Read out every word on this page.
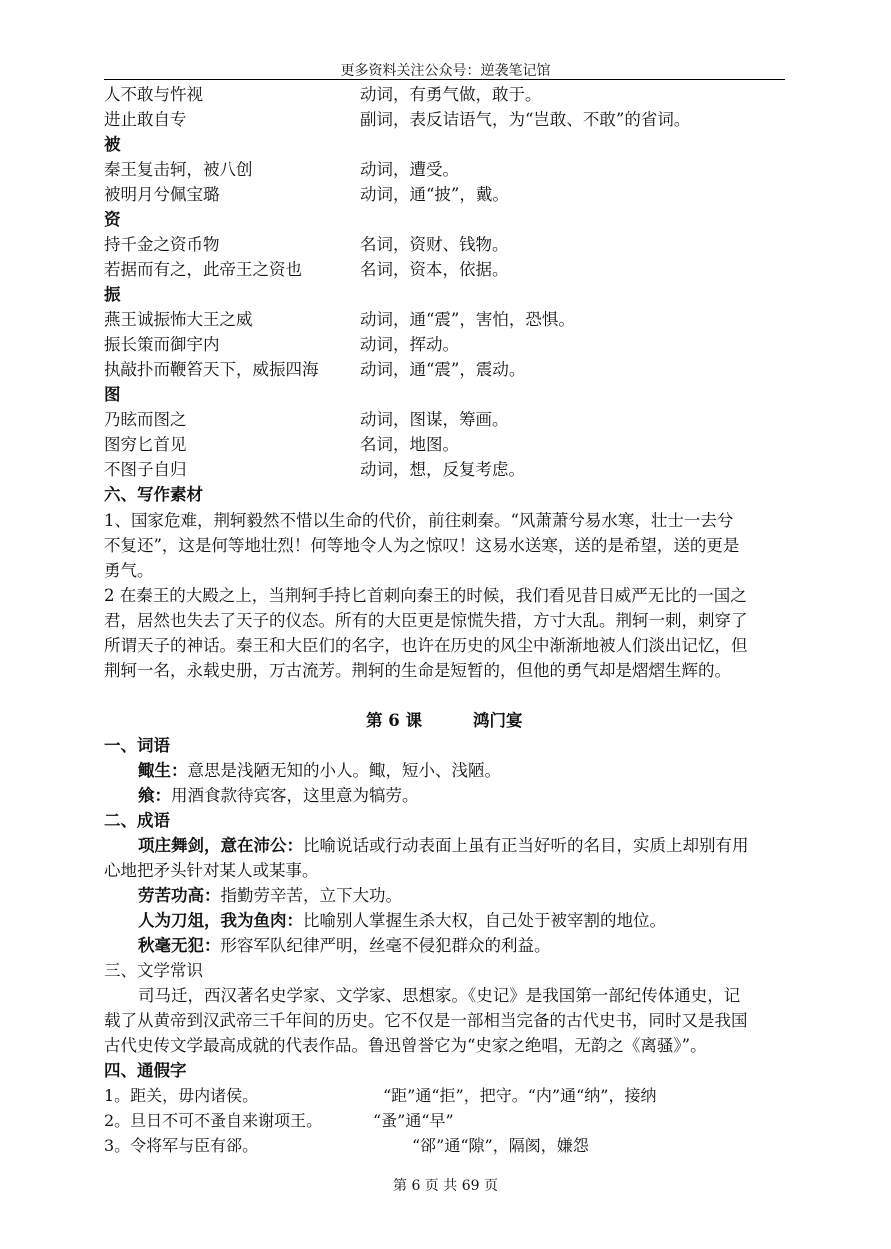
更多资料关注公众号：逆袭笔记馆
人不敢与忤视	动词，有勇气做，敢于。
进止敢自专	副词，表反诘语气，为“岂敢、不敢”的省词。
被
秦王复击轲，被八创	动词，遭受。
被明月兮佩宝璐	动词，通“披”，戴。
资
持千金之资币物	名词，资财、钱物。
若据而有之，此帝王之资也	名词，资本，依据。
振
燕王诚振怖大王之威	动词，通“震”，害怕，恐惧。
振长策而御宇内	动词，挥动。
执敲扑而鞭笞天下，威振四海	动词，通“震”，震动。
图
乃眩而图之	动词，图谋，筹画。
图穷匕首见	名词，地图。
不图子自归	动词，想，反复考虑。
六、写作素材
1、国家危难，荆轲毅然不惜以生命的代价，前往刺秦。“风萧萧兮易水寒，壮士一去兮
不复还”，这是何等地壮烈！何等地令人为之惊叹！这易水送寒，送的是希望，送的更是
勇气。
2 在秦王的大殿之上，当荆轲手持匕首刺向秦王的时候，我们看见昔日威严无比的一国之
君，居然也失去了天子的仪态。所有的大臣更是惊慌失措，方寸大乱。荆轲一刺，刺穿了
所谓天子的神话。秦王和大臣们的名字，也许在历史的风尘中渐渐地被人们淡出记忆，但
荆轲一名，永载史册，万古流芳。荆轲的生命是短暂的，但他的勇气却是熠熠生辉的。
第 6 课	鸿门宴
一、词语
鲰生：意思是浅陋无知的小人。鲰，短小、浅陋。
飨：用酒食款待宾客，这里意为犒劳。
二、成语
项庄舞剑，意在沛公：比喻说话或行动表面上虽有正当好听的名目，实质上却别有用
心地把矛头针对某人或某事。
劳苦功高：指勤劳辛苦，立下大功。
人为刀俎，我为鱼肉：比喻别人掌握生杀大权，自己处于被宰割的地位。
秋毫无犯：形容军队纪律严明，丝毫不侵犯群众的利益。
三、文学常识
司马迁，西汉著名史学家、文学家、思想家。《史记》是我国第一部纪传体通史，记
载了从黄帝到汉武帝三千年间的历史。它不仅是一部相当完备的古代史书，同时又是我国
古代史传文学最高成就的代表作品。鲁迅曾誉它为“史家之绝唱，无韵之《离骚》”。
四、通假字
1。距关，毋内诸侯。	“距”通“拒”，把守。“内”通“纳”，接纳
2。旦日不可不蚤自来谢项王。	“蚤”通“早”
3。令将军与臣有郤。	“郤”通“隙”，隔阂，嫌怨
第 6 页 共 69 页
